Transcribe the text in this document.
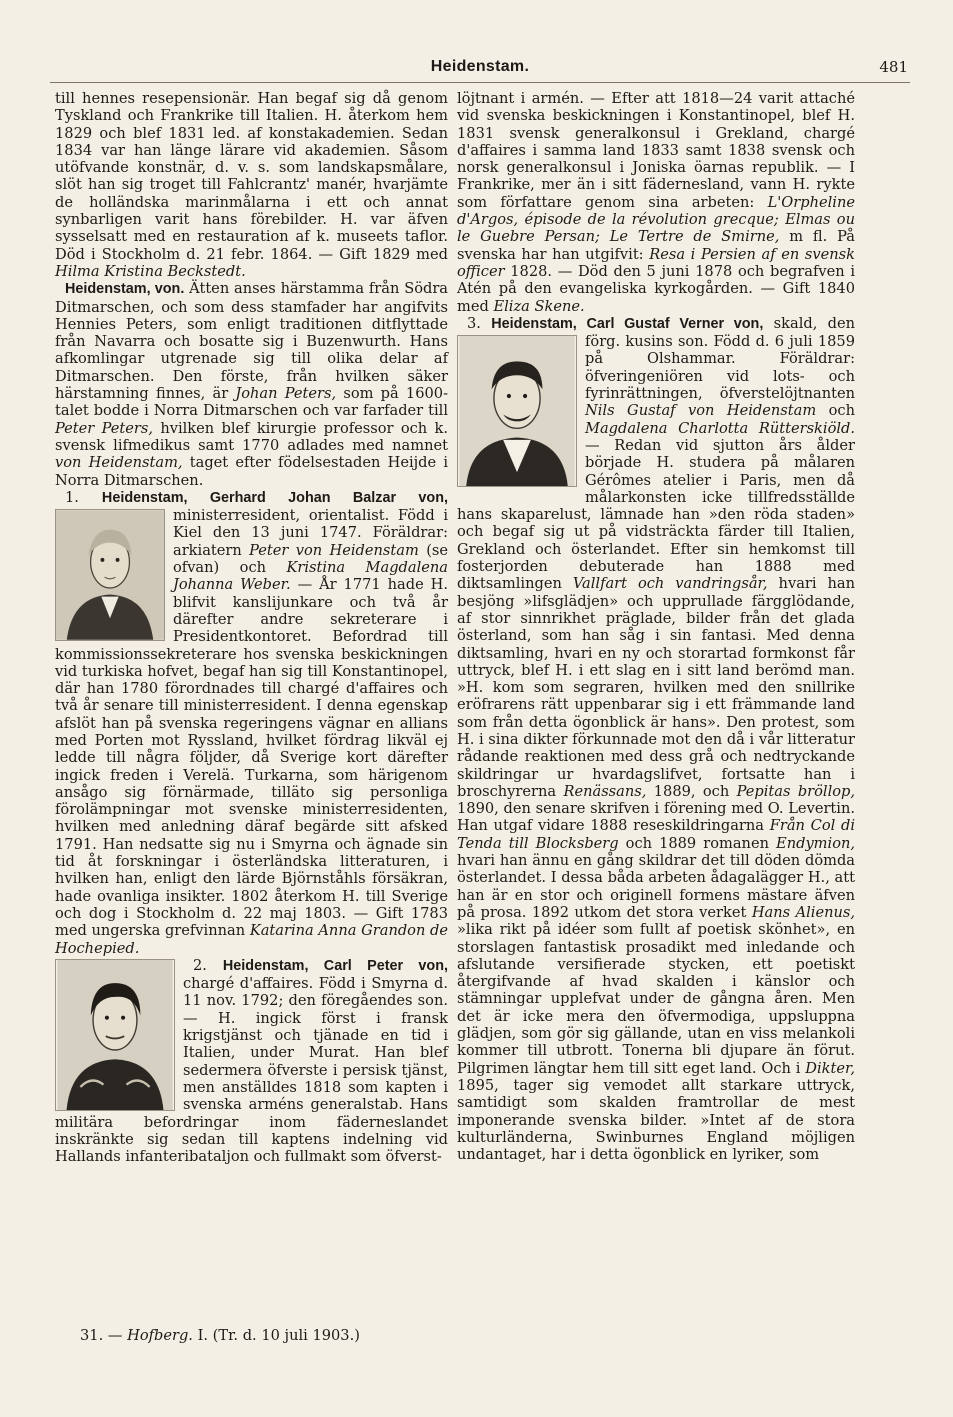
Heidenstam.	481

till hennes resepensionär. Han begaf sig då genom Tyskland och Frankrike till Italien. H. återkom hem 1829 och blef 1831 led. af konstakademien. Sedan 1834 var han länge lärare vid akademien. Såsom utöfvande konstnär, d. v. s. som landskapsmålare, slöt han sig troget till Fahlcrantz' manér, hvarjämte de holländska marinmålarna i ett och annat synbarligen varit hans förebilder. H. var äfven sysselsatt med en restauration af k. museets taflor. Död i Stockholm d. 21 febr. 1864. — Gift 1829 med Hilma Kristina Beckstedt.

Heidenstam, von. Ätten anses härstamma från Södra Ditmarschen, och som dess stamfader har angifvits Hennies Peters, som enligt traditionen ditflyttade från Navarra och bosatte sig i Buzenwurth. Hans afkomlingar utgrenade sig till olika delar af Ditmarschen. Den förste, från hvilken säker härstamning finnes, är Johan Peters, som på 1600-talet bodde i Norra Ditmarschen och var farfader till Peter Peters, hvilken blef kirurgie professor och k. svensk lifmedikus samt 1770 adlades med namnet von Heidenstam, taget efter födelsestaden Heijde i Norra Ditmarschen.

1. Heidenstam, Gerhard Johan Balzar von,
ministerresident, orientalist. Född i Kiel den 13 juni 1747. Föräldrar: arkiatern Peter von Heidenstam (se ofvan) och Kristina Magdalena Johanna Weber. — År 1771 hade H. blifvit kanslijunkare och två år därefter andre sekreterare i Presidentkontoret. Befordrad till kommissionssekreterare hos svenska beskickningen vid turkiska hofvet, begaf han sig till Konstantinopel, där han 1780 förordnades till chargé d'affaires och två år senare till ministerresident. I denna egenskap afslöt han på svenska regeringens vägnar en allians med Porten mot Ryssland, hvilket fördrag likväl ej ledde till några följder, då Sverige kort därefter ingick freden i Verelä. Turkarna, som härigenom ansågo sig förnärmade, tilläto sig personliga förolämpningar mot svenske ministerresidenten, hvilken med anledning däraf begärde sitt afsked 1791. Han nedsatte sig nu i Smyrna och ägnade sin tid åt forskningar i österländska litteraturen, i hvilken han, enligt den lärde Björnståhls försäkran, hade ovanliga insikter. 1802 återkom H. till Sverige och dog i Stockholm d. 22 maj 1803. — Gift 1783 med ungerska grefvinnan Katarina Anna Grandon de Hochepied.

2. Heidenstam, Carl Peter von,
chargé d'affaires. Född i Smyrna d. 11 nov. 1792; den föregåendes son. — H. ingick först i fransk krigstjänst och tjänade en tid i Italien, under Murat. Han blef sedermera öfverste i persisk tjänst, men anställdes 1818 som kapten i svenska arméns generalstab. Hans militära befordringar inom fäderneslandet inskränkte sig sedan till kaptens indelning vid Hallands infanteribataljon och fullmakt som öfverst-

löjtnant i armén. — Efter att 1818—24 varit attaché vid svenska beskickningen i Konstantinopel, blef H. 1831 svensk generalkonsul i Grekland, chargé d'affaires i samma land 1833 samt 1838 svensk och norsk generalkonsul i Joniska öarnas republik. — I Frankrike, mer än i sitt fädernesland, vann H. rykte som författare genom sina arbeten: L'Orpheline d'Argos, épisode de la révolution grecque; Elmas ou le Guebre Persan; Le Tertre de Smirne, m fl. På svenska har han utgifvit: Resa i Persien af en svensk officer 1828. — Död den 5 juni 1878 och begrafven i Atén på den evangeliska kyrkogården. — Gift 1840 med Eliza Skene.

3. Heidenstam, Carl Gustaf Verner von, skald, den förg. kusins son. Född d. 6 juli 1859 på Olshammar. Föräldrar: öfveringeniören vid lots- och fyrinrättningen, öfverstelöjtnanten Nils Gustaf von Heidenstam och Magdalena Charlotta Rütterskiöld. — Redan vid sjutton års ålder började H. studera på målaren Gérômes atelier i Paris, men då målarkonsten icke tillfredsställde hans skaparelust, lämnade han »den röda staden» och begaf sig ut på vidsträckta färder till Italien, Grekland och österlandet. Efter sin hemkomst till fosterjorden debuterade han 1888 med diktsamlingen Vallfart och vandringsår, hvari han besjöng »lifsglädjen» och upprullade färgglödande, af stor sinnrikhet präglade, bilder från det glada österland, som han såg i sin fantasi. Med denna diktsamling, hvari en ny och storartad formkonst får uttryck, blef H. i ett slag en i sitt land berömd man. »H. kom som segraren, hvilken med den snillrike eröfrarens rätt uppenbarar sig i ett främmande land som från detta ögonblick är hans». Den protest, som H. i sina dikter förkunnade mot den då i vår litteratur rådande reaktionen med dess grå och nedtryckande skildringar ur hvardagslifvet, fortsatte han i broschyrerna Renässans, 1889, och Pepitas bröllop, 1890, den senare skrifven i förening med O. Levertin. Han utgaf vidare 1888 reseskildringarna Från Col di Tenda till Blocksberg och 1889 romanen Endymion, hvari han ännu en gång skildrar det till döden dömda österlandet. I dessa båda arbeten ådagalägger H., att han är en stor och originell formens mästare äfven på prosa. 1892 utkom det stora verket Hans Alienus, »lika rikt på idéer som fullt af poetisk skönhet», en storslagen fantastisk prosadikt med inledande och afslutande versifierade stycken, ett poetiskt återgifvande af hvad skalden i känslor och stämningar upplefvat under de gångna åren. Men det är icke mera den öfvermodiga, uppsluppna glädjen, som gör sig gällande, utan en viss melankoli kommer till utbrott. Tonerna bli djupare än förut. Pilgrimen längtar hem till sitt eget land. Och i Dikter, 1895, tager sig vemodet allt starkare uttryck, samtidigt som skalden framtrollar de mest imponerande svenska bilder. »Intet af de stora kulturländerna, Swinburnes England möjligen undantaget, har i detta ögonblick en lyriker, som

31. — Hofberg. I. (Tr. d. 10 juli 1903.)
